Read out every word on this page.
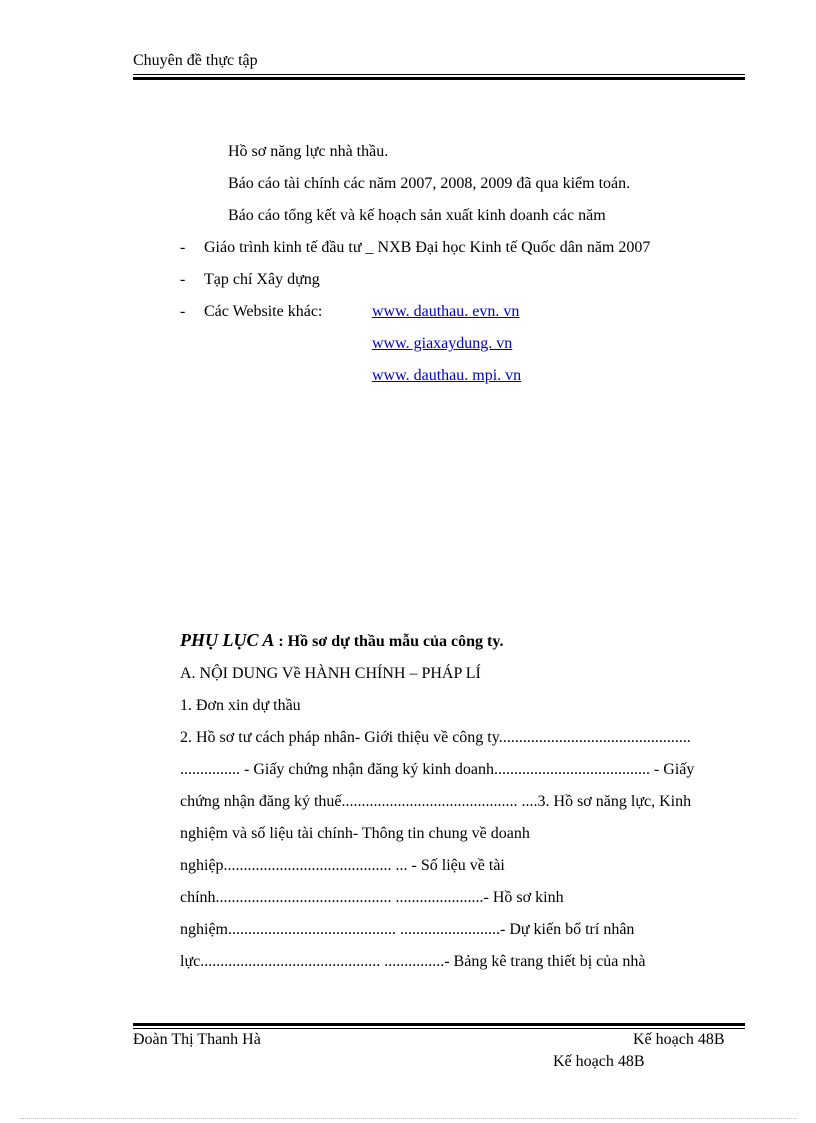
Chuyên đề thực tập
Hồ sơ năng lực nhà thầu.
Báo cáo tài chính các năm 2007, 2008, 2009 đã qua kiểm toán.
Báo cáo tổng kết và kế hoạch sản xuất kinh doanh các năm
- Giáo trình kinh tế đầu tư _ NXB Đại học Kinh tế Quốc dân năm 2007
- Tạp chí Xây dựng
- Các Website khác:	www. dauthau. evn. vn
www. giaxaydung. vn
www. dauthau. mpi. vn
PHỤ LỤC A : Hồ sơ dự thầu mẫu của công ty.
A. NỘI DUNG Về HÀNH CHÍNH – PHÁP LÍ
1. Đơn xin dự thầu
2. Hồ sơ tư cách pháp nhân- Giới thiệu về công ty................................................
............... - Giấy chứng nhận đăng ký kinh doanh....................................... - Giấy
chứng nhận đăng ký thuế............................................ ....3. Hồ sơ năng lực, Kinh
nghiệm và số liệu tài chính- Thông tin chung về doanh
nghiệp.......................................... ... - Số liệu về tài
chính............................................ ......................- Hồ sơ kinh
nghiệm.......................................... .........................- Dự kiến bố trí nhân
lực............................................. ...............- Bảng kê trang thiết bị của nhà
Đoàn Thị Thanh Hà	Kế hoạch 48B
Kế hoạch 48B
